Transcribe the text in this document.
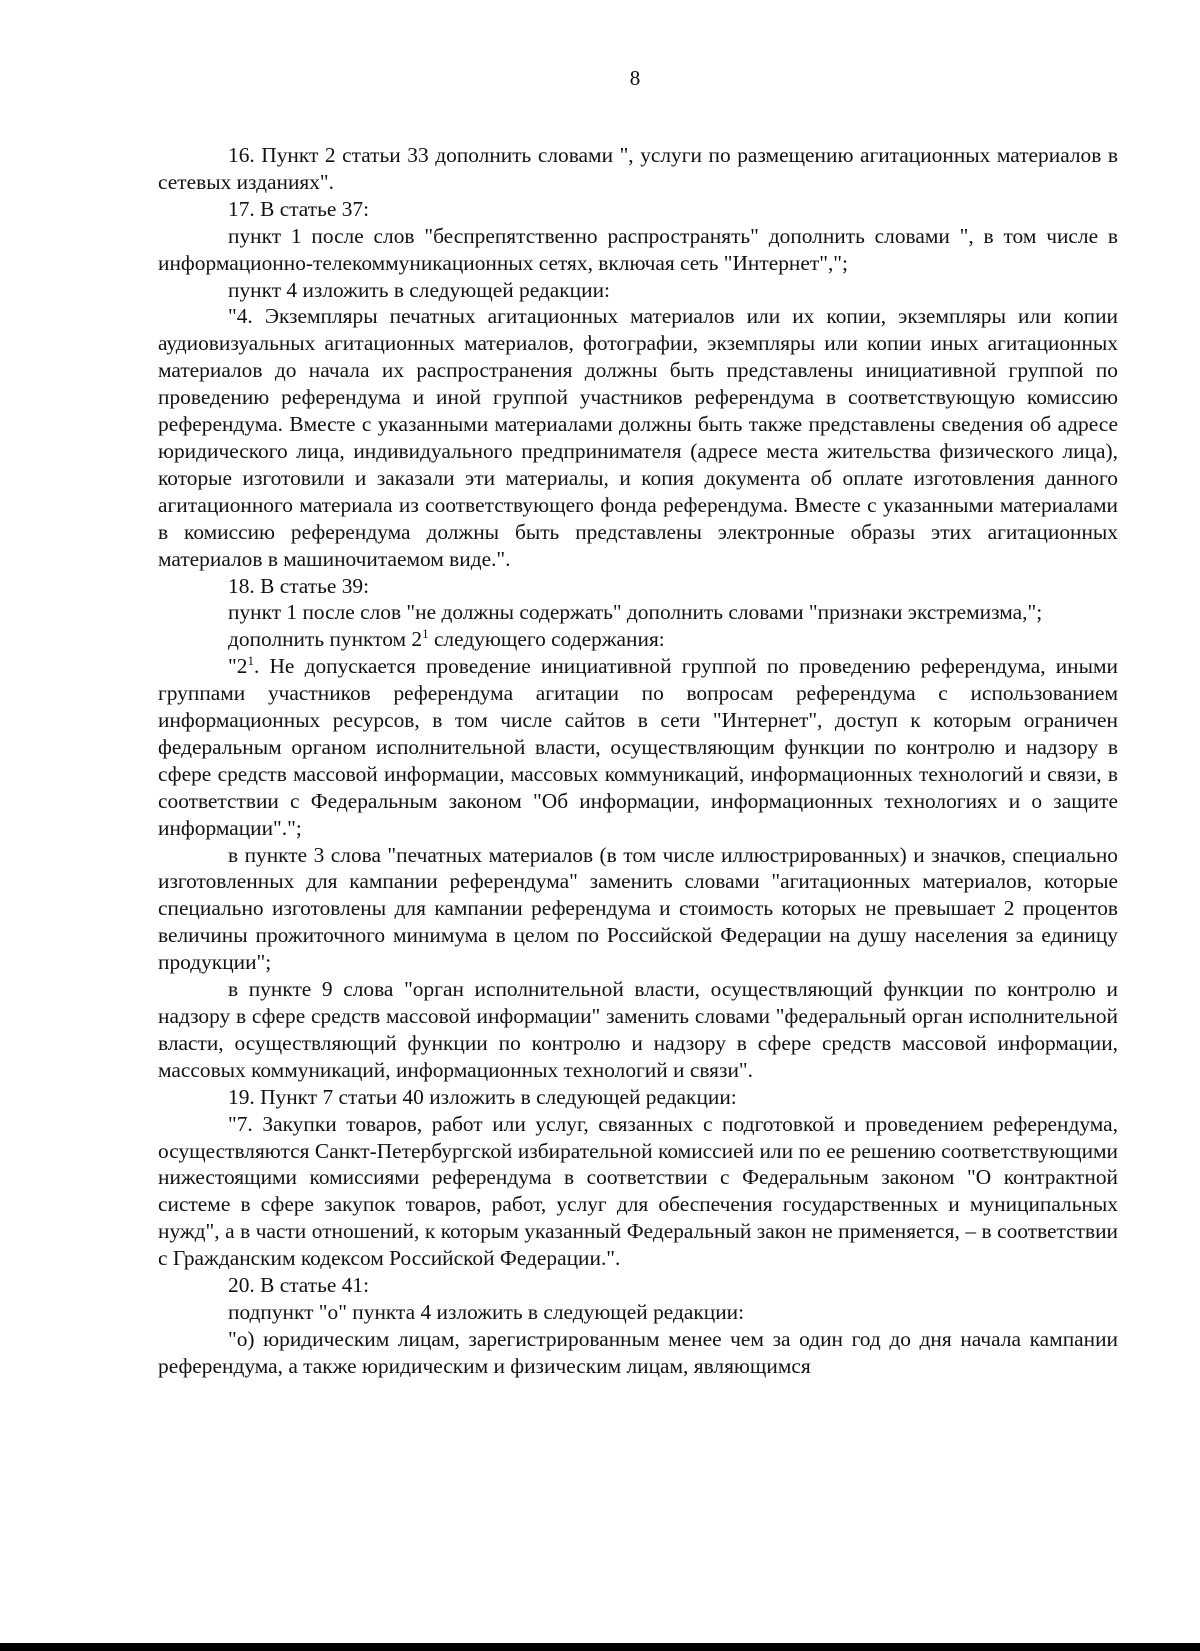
8

16. Пункт 2 статьи 33 дополнить словами ", услуги по размещению агитационных материалов в сетевых изданиях".

17. В статье 37:

пункт 1 после слов "беспрепятственно распространять" дополнить словами ", в том числе в информационно-телекоммуникационных сетях, включая сеть "Интернет",";

пункт 4 изложить в следующей редакции:

"4. Экземпляры печатных агитационных материалов или их копии, экземпляры или копии аудиовизуальных агитационных материалов, фотографии, экземпляры или копии иных агитационных материалов до начала их распространения должны быть представлены инициативной группой по проведению референдума и иной группой участников референдума в соответствующую комиссию референдума. Вместе с указанными материалами должны быть также представлены сведения об адресе юридического лица, индивидуального предпринимателя (адресе места жительства физического лица), которые изготовили и заказали эти материалы, и копия документа об оплате изготовления данного агитационного материала из соответствующего фонда референдума. Вместе с указанными материалами в комиссию референдума должны быть представлены электронные образы этих агитационных материалов в машиночитаемом виде.".

18. В статье 39:

пункт 1 после слов "не должны содержать" дополнить словами "признаки экстремизма,";

дополнить пунктом $2^1$ следующего содержания:

"$2^1$. Не допускается проведение инициативной группой по проведению референдума, иными группами участников референдума агитации по вопросам референдума с использованием информационных ресурсов, в том числе сайтов в сети "Интернет", доступ к которым ограничен федеральным органом исполнительной власти, осуществляющим функции по контролю и надзору в сфере средств массовой информации, массовых коммуникаций, информационных технологий и связи, в соответствии с Федеральным законом "Об информации, информационных технологиях и о защите информации".";

в пункте 3 слова "печатных материалов (в том числе иллюстрированных) и значков, специально изготовленных для кампании референдума" заменить словами "агитационных материалов, которые специально изготовлены для кампании референдума и стоимость которых не превышает 2 процентов величины прожиточного минимума в целом по Российской Федерации на душу населения за единицу продукции";

в пункте 9 слова "орган исполнительной власти, осуществляющий функции по контролю и надзору в сфере средств массовой информации" заменить словами "федеральный орган исполнительной власти, осуществляющий функции по контролю и надзору в сфере средств массовой информации, массовых коммуникаций, информационных технологий и связи".

19. Пункт 7 статьи 40 изложить в следующей редакции:

"7. Закупки товаров, работ или услуг, связанных с подготовкой и проведением референдума, осуществляются Санкт-Петербургской избирательной комиссией или по ее решению соответствующими нижестоящими комиссиями референдума в соответствии с Федеральным законом "О контрактной системе в сфере закупок товаров, работ, услуг для обеспечения государственных и муниципальных нужд", а в части отношений, к которым указанный Федеральный закон не применяется, – в соответствии с Гражданским кодексом Российской Федерации.".

20. В статье 41:

подпункт "о" пункта 4 изложить в следующей редакции:

"о) юридическим лицам, зарегистрированным менее чем за один год до дня начала кампании референдума, а также юридическим и физическим лицам, являющимся
